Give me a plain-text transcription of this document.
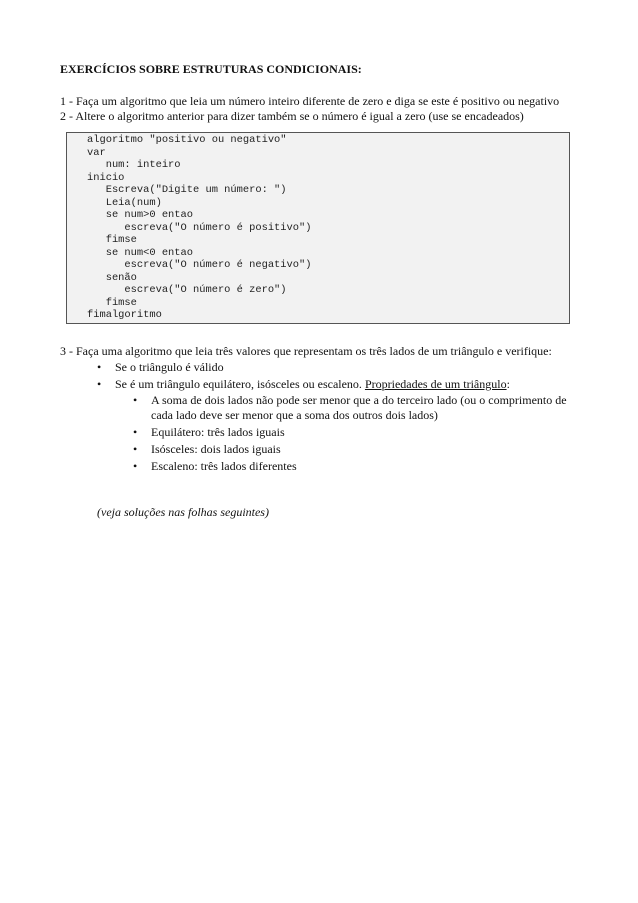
EXERCÍCIOS SOBRE ESTRUTURAS CONDICIONAIS:

1 - Faça um algoritmo que leia um número inteiro diferente de zero e diga se este é positivo ou negativo

2 - Altere o algoritmo anterior para dizer também se o número é igual a zero (use se encadeados)

algoritmo "positivo ou negativo"
var
num: inteiro
inicio
Escreva("Digite um número: ")
Leia(num)
se num>0 entao
escreva("O número é positivo")
fimse
se num<0 entao
escreva("O número é negativo")
senão
escreva("O número é zero")
fimse
fimalgoritmo

3 - Faça uma algoritmo que leia três valores que representam os três lados de um triângulo e verifique:

• Se o triângulo é válido
• Se é um triângulo equilátero, isósceles ou escaleno. Propriedades de um triângulo:
• A soma de dois lados não pode ser menor que a do terceiro lado (ou o comprimento de cada lado deve ser menor que a soma dos outros dois lados)
• Equilátero: três lados iguais
• Isósceles: dois lados iguais
• Escaleno: três lados diferentes

(veja soluções nas folhas seguintes)
